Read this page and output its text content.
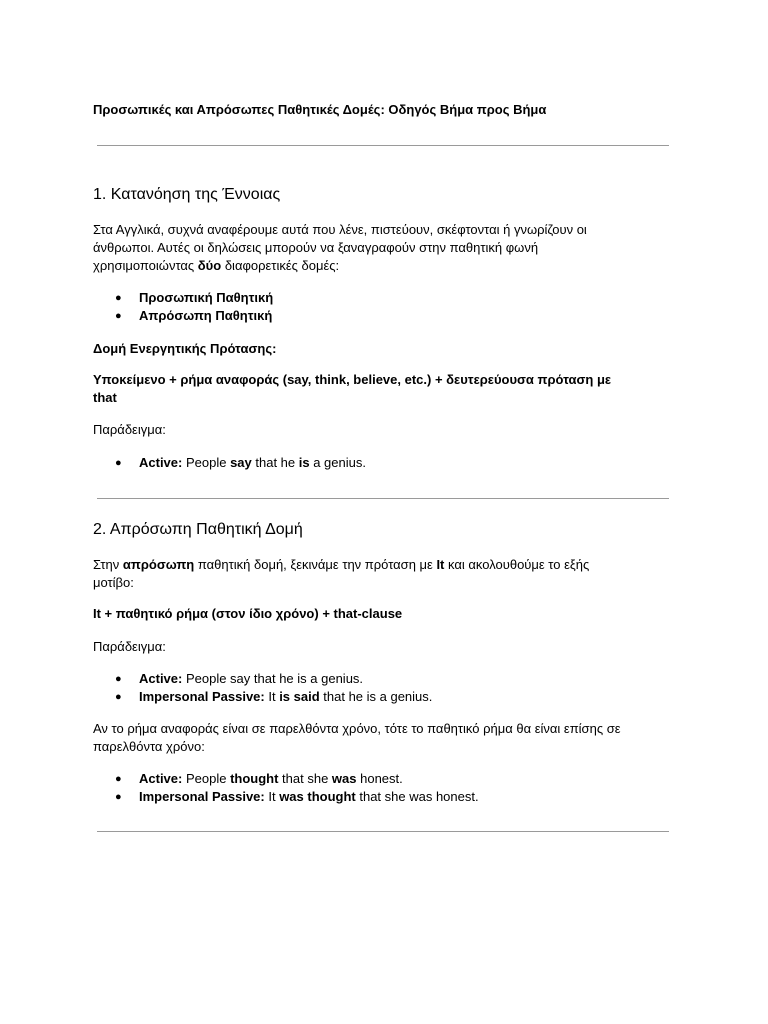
Προσωπικές και Απρόσωπες Παθητικές Δομές: Οδηγός Βήμα προς Βήμα
1. Κατανόηση της Έννοιας
Στα Αγγλικά, συχνά αναφέρουμε αυτά που λένε, πιστεύουν, σκέφτονται ή γνωρίζουν οι
άνθρωποι. Αυτές οι δηλώσεις μπορούν να ξαναγραφούν στην παθητική φωνή
χρησιμοποιώντας δύο διαφορετικές δομές:
● Προσωπική Παθητική
● Απρόσωπη Παθητική
Δομή Ενεργητικής Πρότασης:
Υποκείμενο + ρήμα αναφοράς (say, think, believe, etc.) + δευτερεύουσα πρόταση με
that
Παράδειγμα:
● Active: People say that he is a genius.
2. Απρόσωπη Παθητική Δομή
Στην απρόσωπη παθητική δομή, ξεκινάμε την πρόταση με It και ακολουθούμε το εξής
μοτίβο:
It + παθητικό ρήμα (στον ίδιο χρόνο) + that-clause
Παράδειγμα:
● Active: People say that he is a genius.
● Impersonal Passive: It is said that he is a genius.
Αν το ρήμα αναφοράς είναι σε παρελθόντα χρόνο, τότε το παθητικό ρήμα θα είναι επίσης σε
παρελθόντα χρόνο:
● Active: People thought that she was honest.
● Impersonal Passive: It was thought that she was honest.
